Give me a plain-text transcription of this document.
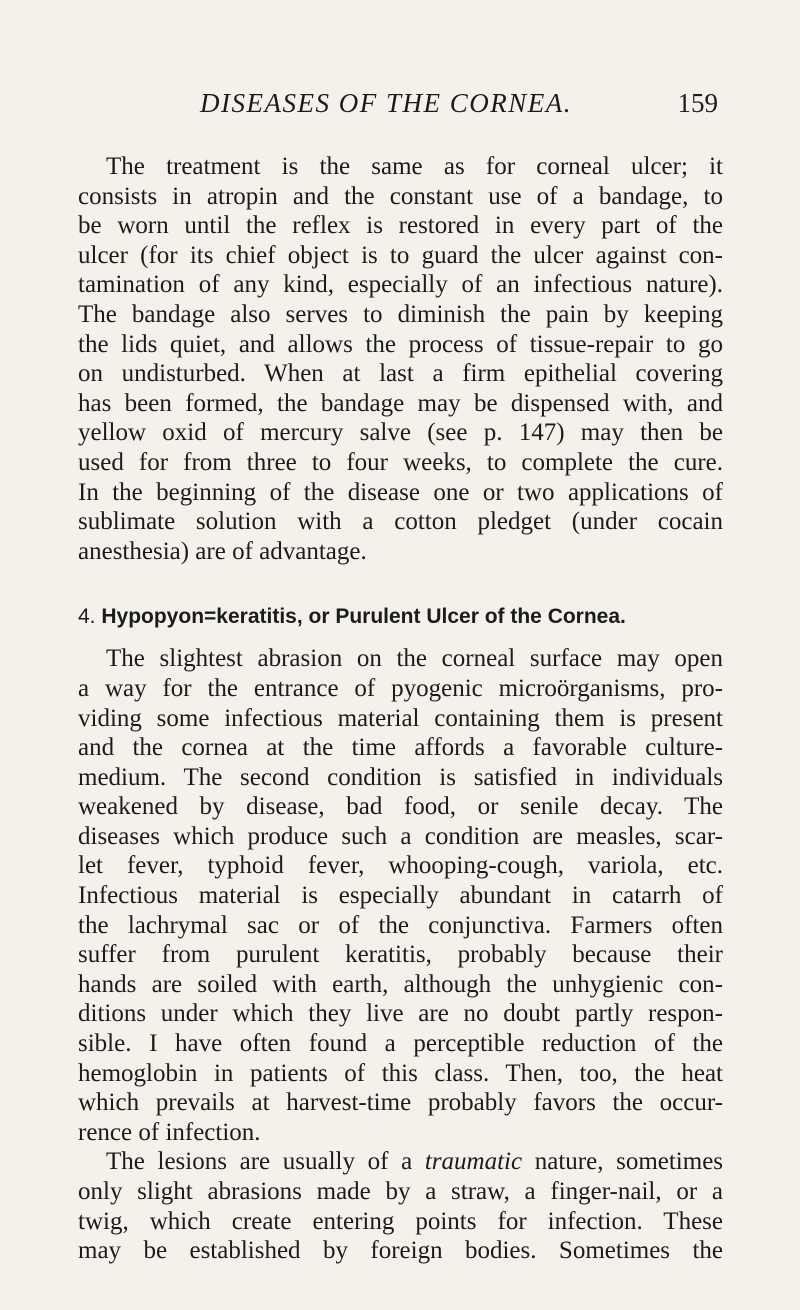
DISEASES OF THE CORNEA.	159
The treatment is the same as for corneal ulcer; it
consists in atropin and the constant use of a bandage, to
be worn until the reflex is restored in every part of the
ulcer (for its chief object is to guard the ulcer against con-
tamination of any kind, especially of an infectious nature).
The bandage also serves to diminish the pain by keeping
the lids quiet, and allows the process of tissue-repair to go
on undisturbed. When at last a firm epithelial covering
has been formed, the bandage may be dispensed with, and
yellow oxid of mercury salve (see p. 147) may then be
used for from three to four weeks, to complete the cure.
In the beginning of the disease one or two applications of
sublimate solution with a cotton pledget (under cocain
anesthesia) are of advantage.
4. Hypopyon=keratitis, or Purulent Ulcer of the Cornea.
The slightest abrasion on the corneal surface may open
a way for the entrance of pyogenic microörganisms, pro-
viding some infectious material containing them is present
and the cornea at the time affords a favorable culture-
medium. The second condition is satisfied in individuals
weakened by disease, bad food, or senile decay. The
diseases which produce such a condition are measles, scar-
let fever, typhoid fever, whooping-cough, variola, etc.
Infectious material is especially abundant in catarrh of
the lachrymal sac or of the conjunctiva. Farmers often
suffer from purulent keratitis, probably because their
hands are soiled with earth, although the unhygienic con-
ditions under which they live are no doubt partly respon-
sible. I have often found a perceptible reduction of the
hemoglobin in patients of this class. Then, too, the heat
which prevails at harvest-time probably favors the occur-
rence of infection.
The lesions are usually of a traumatic nature, sometimes
only slight abrasions made by a straw, a finger-nail, or a
twig, which create entering points for infection. These
may be established by foreign bodies. Sometimes the
